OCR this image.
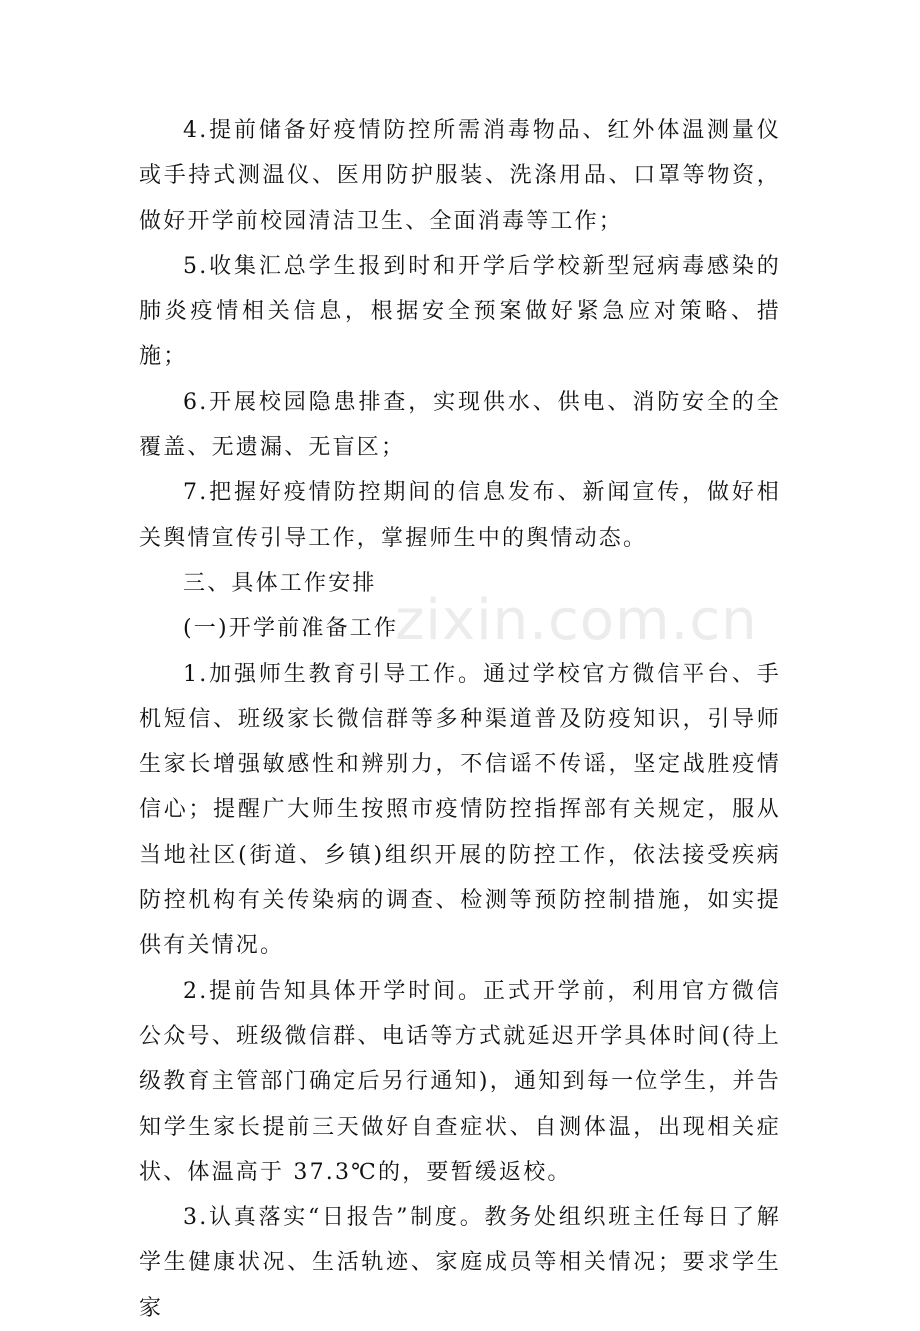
4.提前储备好疫情防控所需消毒物品、红外体温测量仪或手持式测温仪、医用防护服装、洗涤用品、口罩等物资，做好开学前校园清洁卫生、全面消毒等工作；

5.收集汇总学生报到时和开学后学校新型冠病毒感染的肺炎疫情相关信息，根据安全预案做好紧急应对策略、措施；

6.开展校园隐患排查，实现供水、供电、消防安全的全覆盖、无遗漏、无盲区；

7.把握好疫情防控期间的信息发布、新闻宣传，做好相关舆情宣传引导工作，掌握师生中的舆情动态。

三、具体工作安排

(一)开学前准备工作

1.加强师生教育引导工作。通过学校官方微信平台、手机短信、班级家长微信群等多种渠道普及防疫知识，引导师生家长增强敏感性和辨别力，不信谣不传谣，坚定战胜疫情信心；提醒广大师生按照市疫情防控指挥部有关规定，服从当地社区(街道、乡镇)组织开展的防控工作，依法接受疾病防控机构有关传染病的调查、检测等预防控制措施，如实提供有关情况。

2.提前告知具体开学时间。正式开学前，利用官方微信公众号、班级微信群、电话等方式就延迟开学具体时间(待上级教育主管部门确定后另行通知)，通知到每一位学生，并告知学生家长提前三天做好自查症状、自测体温，出现相关症状、体温高于 37.3℃的，要暂缓返校。

3.认真落实“日报告”制度。教务处组织班主任每日了解学生健康状况、生活轨迹、家庭成员等相关情况；要求学生家

zixin.com.cn
